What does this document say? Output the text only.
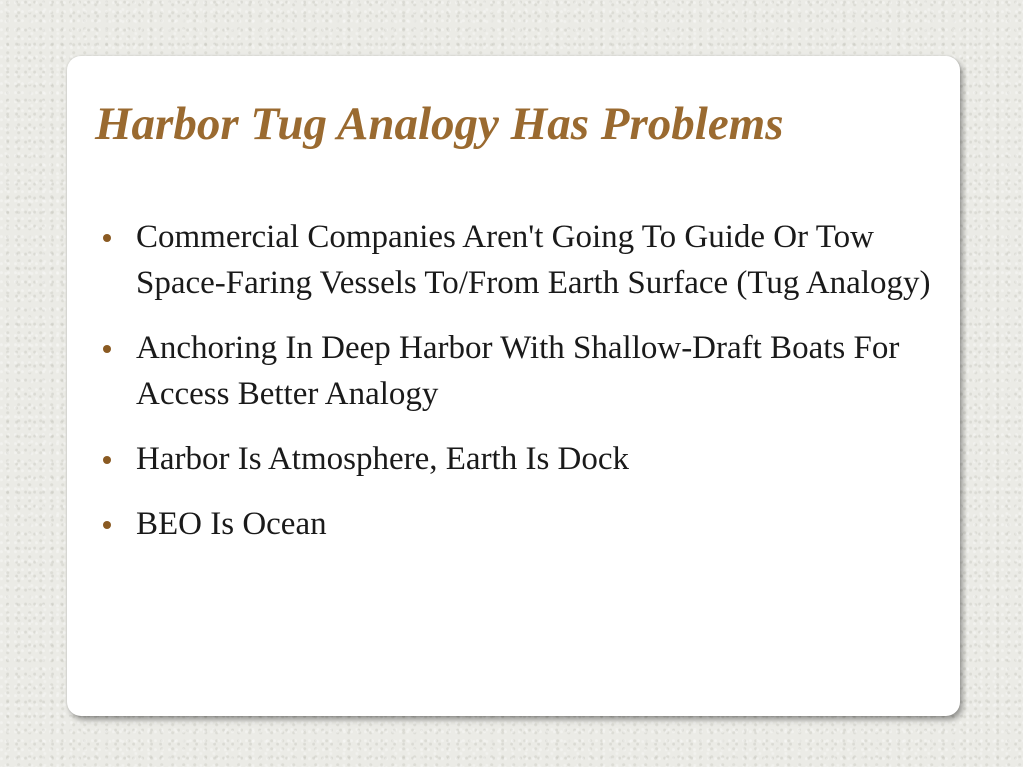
Harbor Tug Analogy Has Problems
Commercial Companies Aren't Going To Guide Or Tow Space-Faring Vessels To/From Earth Surface (Tug Analogy)
Anchoring In Deep Harbor With Shallow-Draft Boats For Access Better Analogy
Harbor Is Atmosphere, Earth Is Dock
BEO Is Ocean
